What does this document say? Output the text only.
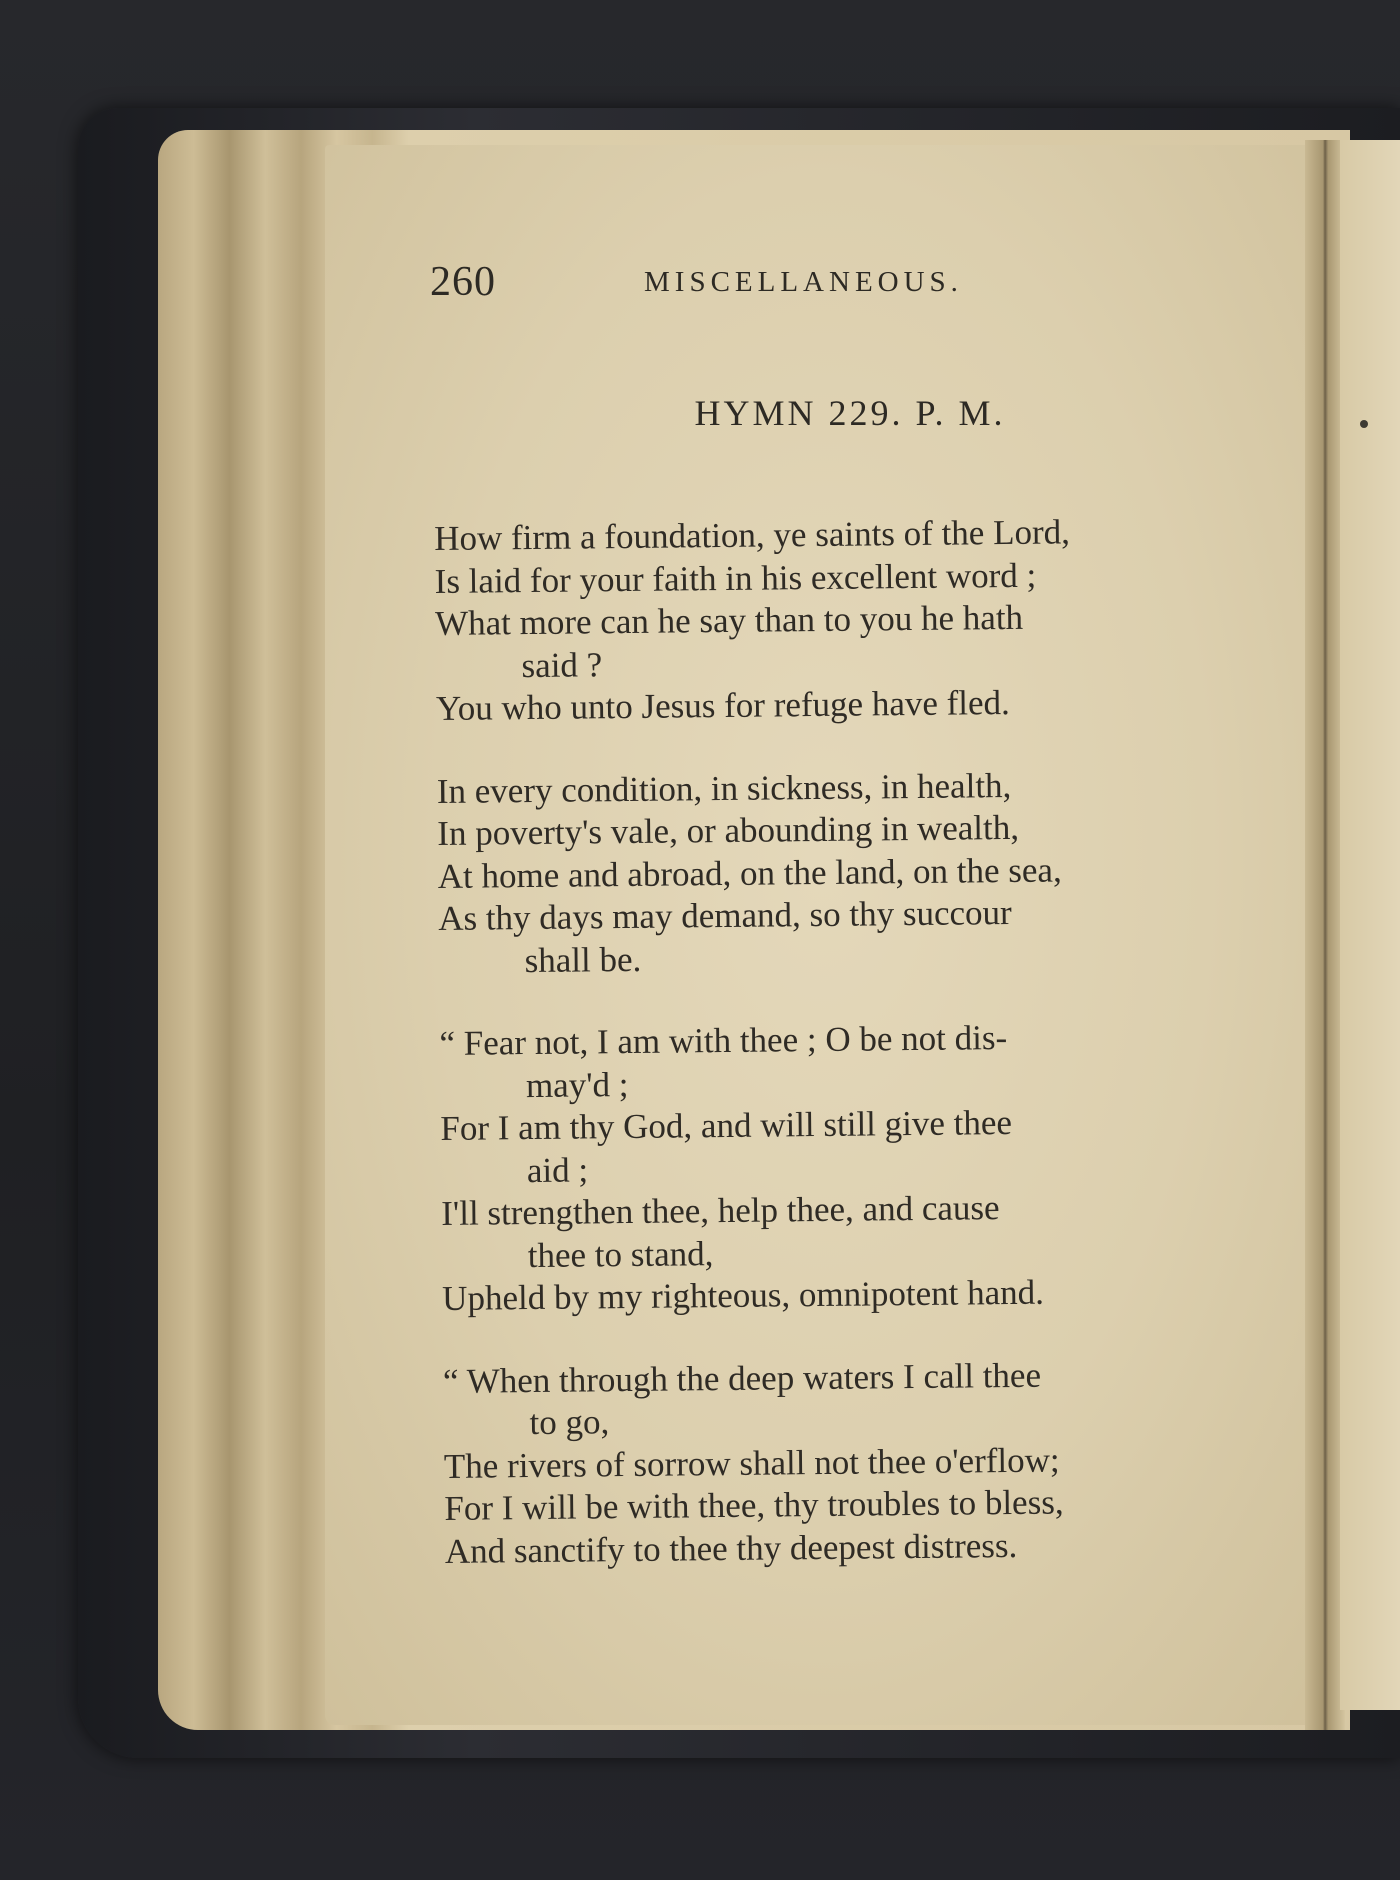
260	MISCELLANEOUS.
HYMN 229. P. M.
How firm a foundation, ye saints of the Lord,
Is laid for your faith in his excellent word ;
What more can he say than to you he hath
said ?
You who unto Jesus for refuge have fled.
In every condition, in sickness, in health,
In poverty's vale, or abounding in wealth,
At home and abroad, on the land, on the sea,
As thy days may demand, so thy succour
shall be.
“ Fear not, I am with thee ; O be not dis-
may'd ;
For I am thy God, and will still give thee
aid ;
I'll strengthen thee, help thee, and cause
thee to stand,
Upheld by my righteous, omnipotent hand.
“ When through the deep waters I call thee
to go,
The rivers of sorrow shall not thee o'erflow;
For I will be with thee, thy troubles to bless,
And sanctify to thee thy deepest distress.
